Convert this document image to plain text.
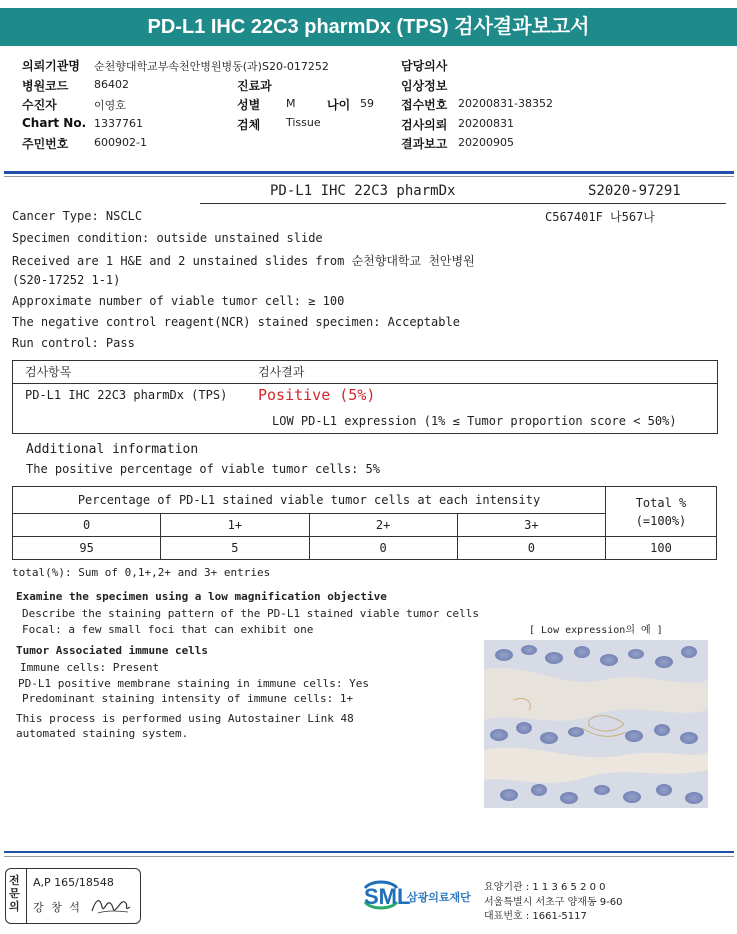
PD-L1 IHC 22C3 pharmDx (TPS) 검사결과보고서
의뢰기관명 순천향대학교부속천안병원병동(과)S20-017252
병원코드 86402
수진자	이영호
Chart No. 1337761
주민번호 600902-1
진료과
성별 M	나이 59
검체 Tissue
담당의사
임상정보
접수번호 20200831-38352
검사의뢰 20200831
결과보고 20200905
PD-L1 IHC 22C3 pharmDx	S2020-97291
C567401F 나567나
Cancer Type: NSCLC
Specimen condition: outside unstained slide
Received are 1 H&E and 2 unstained slides from 순천향대학교 천안병원
(S20-17252 1-1)
Approximate number of viable tumor cell: ≥ 100
The negative control reagent(NCR) stained specimen: Acceptable
Run control: Pass
검사항목	검사결과
PD-L1 IHC 22C3 pharmDx (TPS) Positive (5%)
LOW PD-L1 expression (1% ≤ Tumor proportion score < 50%)
Additional information
The positive percentage of viable tumor cells: 5%
Percentage of PD-L1 stained viable tumor cells at each intensity				Total %
(=100%)

0	1+	2+	3+	
95	5	0	0	100
total(%): Sum of 0,1+,2+ and 3+ entries
Examine the specimen using a low magnification objective
Describe the staining pattern of the PD-L1 stained viable tumor cells
Focal: a few small foci that can exhibit one	[ Low expression의 예 ]
Tumor Associated immune cells
Immune cells: Present
PD-L1 positive membrane staining in immune cells: Yes
Predominant staining intensity of immune cells: 1+
This process is performed using Autostainer Link 48
automated staining system.
전문의
A,P 165/18548
강 창 석	SML
삼광의료재단
요양기관 : 1 1 3 6 5 2 0 0
서울특별시 서초구 양재동 9-60
대표번호 : 1661-5117
